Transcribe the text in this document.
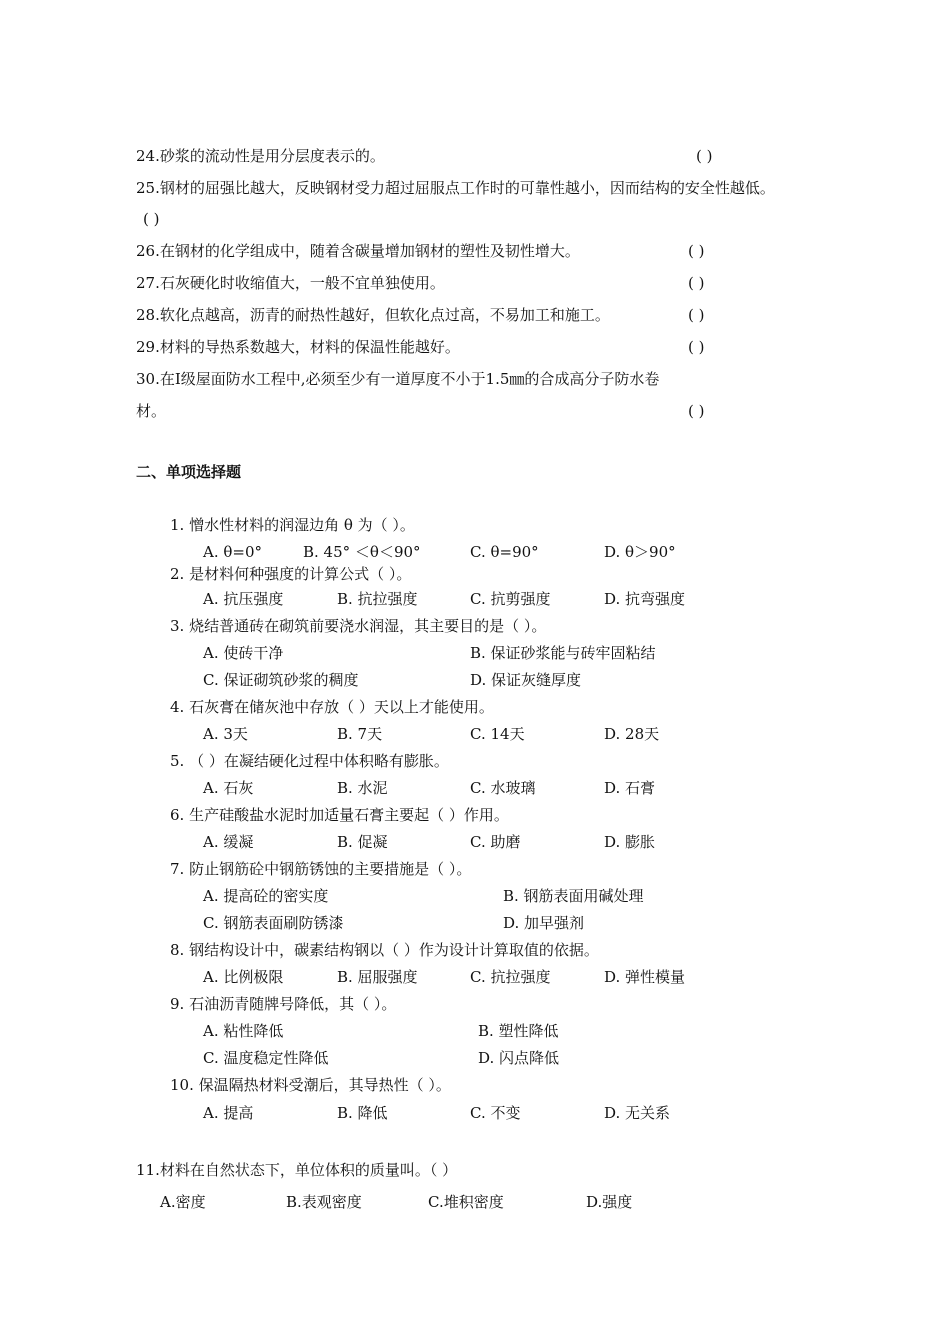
24.砂浆的流动性是用分层度表示的。	( )
25.钢材的屈强比越大，反映钢材受力超过屈服点工作时的可靠性越小，因而结构的安全性越低。
( )
26.在钢材的化学组成中，随着含碳量增加钢材的塑性及韧性增大。	( )
27.石灰硬化时收缩值大，一般不宜单独使用。	( )
28.软化点越高，沥青的耐热性越好，但软化点过高，不易加工和施工。	( )
29.材料的导热系数越大，材料的保温性能越好。	( )
30.在Ⅰ级屋面防水工程中,必须至少有一道厚度不小于1.5㎜的合成高分子防水卷
材。	( )
二、单项选择题
1. 憎水性材料的润湿边角 θ 为（ ）。
A. θ=0°	B. 45° ＜θ＜90°	C. θ=90°	D. θ＞90°
2. 是材料何种强度的计算公式（ ）。
A. 抗压强度	B. 抗拉强度	C. 抗剪强度	D. 抗弯强度
3. 烧结普通砖在砌筑前要浇水润湿，其主要目的是（ ）。
A. 使砖干净	B. 保证砂浆能与砖牢固粘结
C. 保证砌筑砂浆的稠度	D. 保证灰缝厚度
4. 石灰膏在储灰池中存放（ ）天以上才能使用。
A. 3天	B. 7天	C. 14天	D. 28天
5. （ ）在凝结硬化过程中体积略有膨胀。
A. 石灰	B. 水泥	C. 水玻璃	D. 石膏
6. 生产硅酸盐水泥时加适量石膏主要起（ ）作用。
A. 缓凝	B. 促凝	C. 助磨	D. 膨胀
7. 防止钢筋砼中钢筋锈蚀的主要措施是（ ）。
A. 提高砼的密实度	B. 钢筋表面用碱处理
C. 钢筋表面刷防锈漆	D. 加早强剂
8. 钢结构设计中，碳素结构钢以（ ）作为设计计算取值的依据。
A. 比例极限	B. 屈服强度	C. 抗拉强度	D. 弹性模量
9. 石油沥青随牌号降低，其（ ）。
A. 粘性降低	B. 塑性降低
C. 温度稳定性降低	D. 闪点降低
10. 保温隔热材料受潮后，其导热性（ ）。
A. 提高	B. 降低	C. 不变	D. 无关系
11.材料在自然状态下，单位体积的质量叫。（ ）
A.密度	B.表观密度	C.堆积密度	D.强度
